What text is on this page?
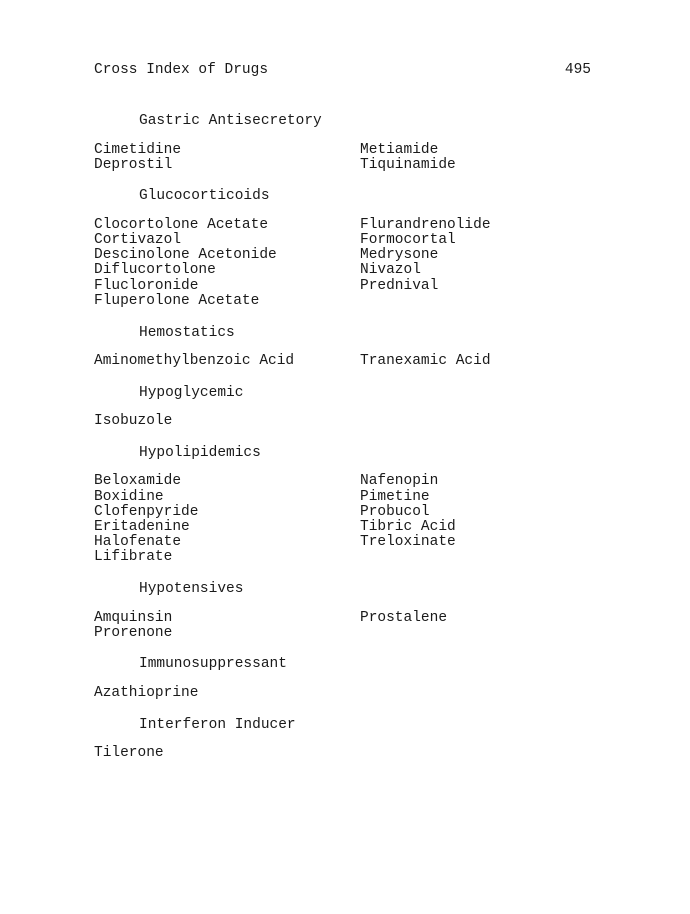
Cross Index of Drugs	495
Gastric Antisecretory
Cimetidine
Deprostil
Metiamide
Tiquinamide
Glucocorticoids
Clocortolone Acetate
Cortivazol
Descinolone Acetonide
Diflucortolone
Flucloronide
Fluperolone Acetate
Flurandrenolide
Formocortal
Medrysone
Nivazol
Prednival
Hemostatics
Aminomethylbenzoic Acid	Tranexamic Acid
Hypoglycemic
Isobuzole
Hypolipidemics
Beloxamide
Boxidine
Clofenpyride
Eritadenine
Halofenate
Lifibrate
Nafenopin
Pimetine
Probucol
Tibric Acid
Treloxinate
Hypotensives
Amquinsin
Prorenone
Prostalene
Immunosuppressant
Azathioprine
Interferon Inducer
Tilerone
